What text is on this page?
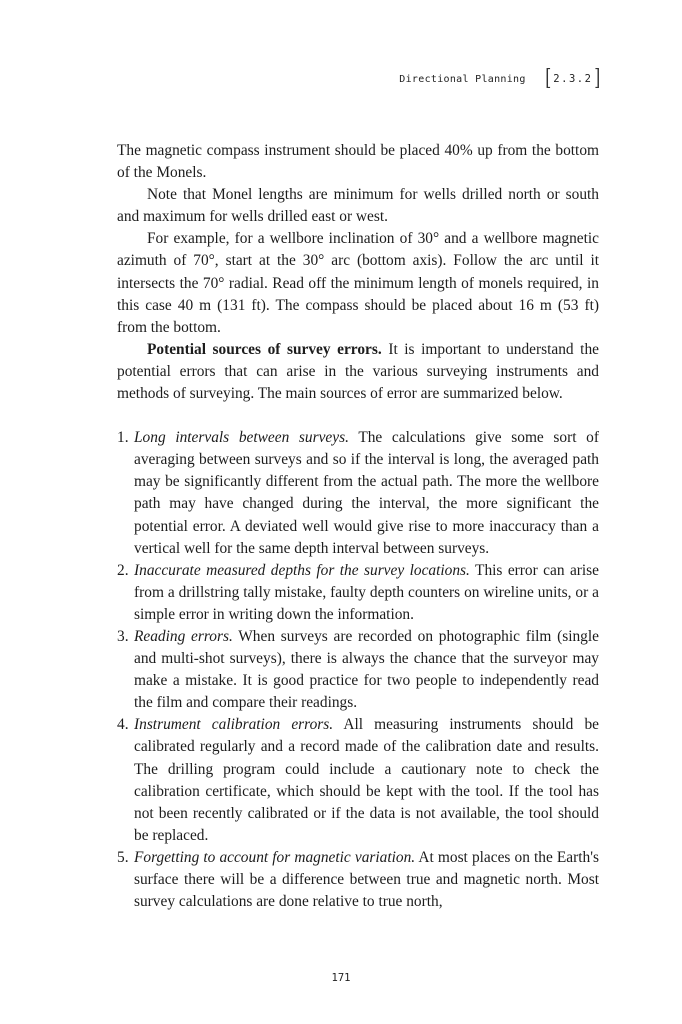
Directional Planning [ 2.3.2 ]

The magnetic compass instrument should be placed 40% up from the bottom of the Monels.

Note that Monel lengths are minimum for wells drilled north or south and maximum for wells drilled east or west.

For example, for a wellbore inclination of 30° and a wellbore magnetic azimuth of 70°, start at the 30° arc (bottom axis). Follow the arc until it intersects the 70° radial. Read off the minimum length of monels required, in this case 40 m (131 ft). The compass should be placed about 16 m (53 ft) from the bottom.

Potential sources of survey errors. It is important to understand the potential errors that can arise in the various surveying instruments and methods of surveying. The main sources of error are summarized below.

1. Long intervals between surveys. The calculations give some sort of averaging between surveys and so if the interval is long, the averaged path may be significantly different from the actual path. The more the wellbore path may have changed during the interval, the more significant the potential error. A deviated well would give rise to more inaccuracy than a vertical well for the same depth interval between surveys.
2. Inaccurate measured depths for the survey locations. This error can arise from a drillstring tally mistake, faulty depth counters on wireline units, or a simple error in writing down the information.
3. Reading errors. When surveys are recorded on photographic film (single and multi-shot surveys), there is always the chance that the surveyor may make a mistake. It is good practice for two people to independently read the film and compare their readings.
4. Instrument calibration errors. All measuring instruments should be calibrated regularly and a record made of the calibration date and results. The drilling program could include a cautionary note to check the calibration certificate, which should be kept with the tool. If the tool has not been recently calibrated or if the data is not available, the tool should be replaced.
5. Forgetting to account for magnetic variation. At most places on the Earth's surface there will be a difference between true and magnetic north. Most survey calculations are done relative to true north,
171
